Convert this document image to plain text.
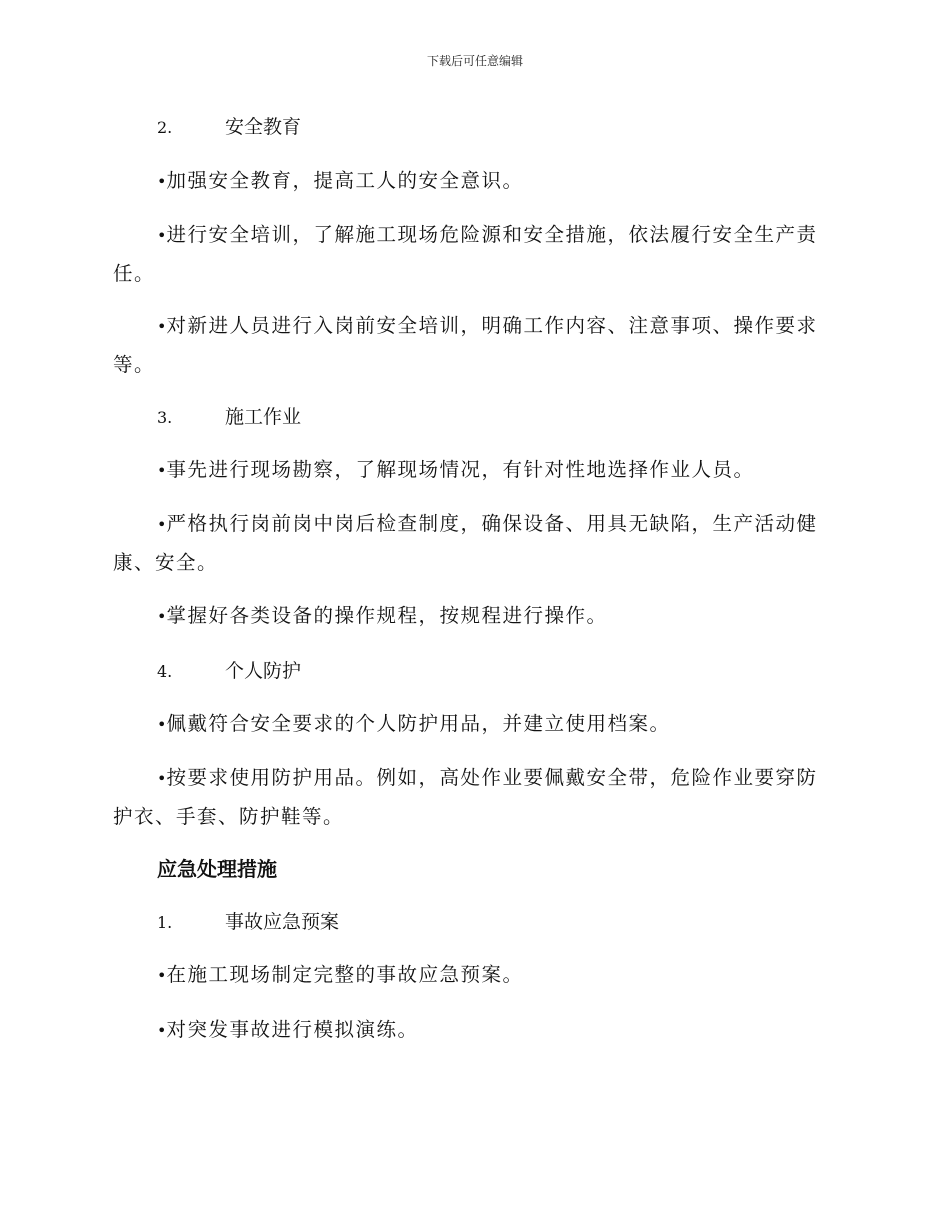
下载后可任意编辑
2.	安全教育

•加强安全教育，提高工人的安全意识。

•进行安全培训，了解施工现场危险源和安全措施，依法履行安全生产责任。

•对新进人员进行入岗前安全培训，明确工作内容、注意事项、操作要求等。

3.	施工作业

•事先进行现场勘察，了解现场情况，有针对性地选择作业人员。

•严格执行岗前岗中岗后检查制度，确保设备、用具无缺陷，生产活动健康、安全。

•掌握好各类设备的操作规程，按规程进行操作。

4.	个人防护

•佩戴符合安全要求的个人防护用品，并建立使用档案。

•按要求使用防护用品。例如，高处作业要佩戴安全带，危险作业要穿防护衣、手套、防护鞋等。

应急处理措施
1.	事故应急预案

•在施工现场制定完整的事故应急预案。

•对突发事故进行模拟演练。
